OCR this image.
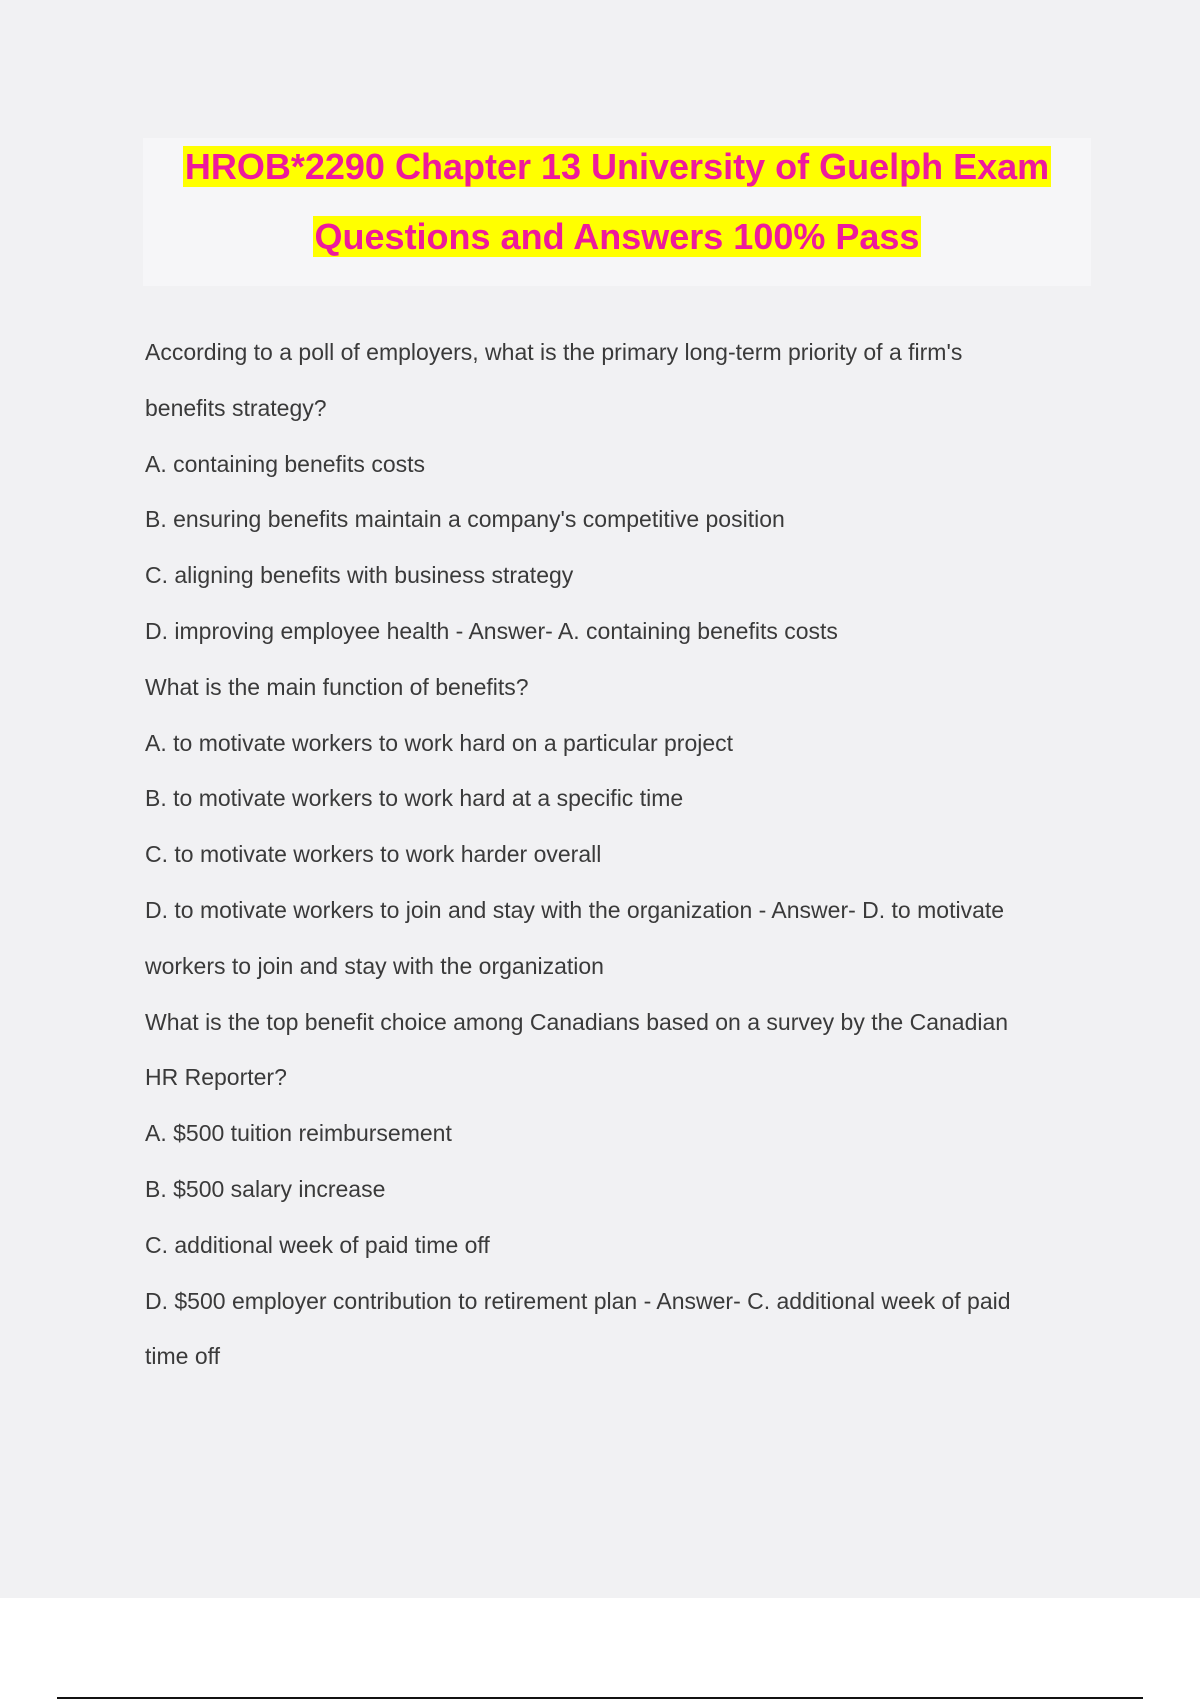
HROB*2290 Chapter 13 University of Guelph Exam
Questions and Answers 100% Pass
According to a poll of employers, what is the primary long-term priority of a firm's
benefits strategy?
A. containing benefits costs
B. ensuring benefits maintain a company's competitive position
C. aligning benefits with business strategy
D. improving employee health - Answer- A. containing benefits costs
What is the main function of benefits?
A. to motivate workers to work hard on a particular project
B. to motivate workers to work hard at a specific time
C. to motivate workers to work harder overall
D. to motivate workers to join and stay with the organization - Answer- D. to motivate
workers to join and stay with the organization
What is the top benefit choice among Canadians based on a survey by the Canadian
HR Reporter?
A. $500 tuition reimbursement
B. $500 salary increase
C. additional week of paid time off
D. $500 employer contribution to retirement plan - Answer- C. additional week of paid
time off
